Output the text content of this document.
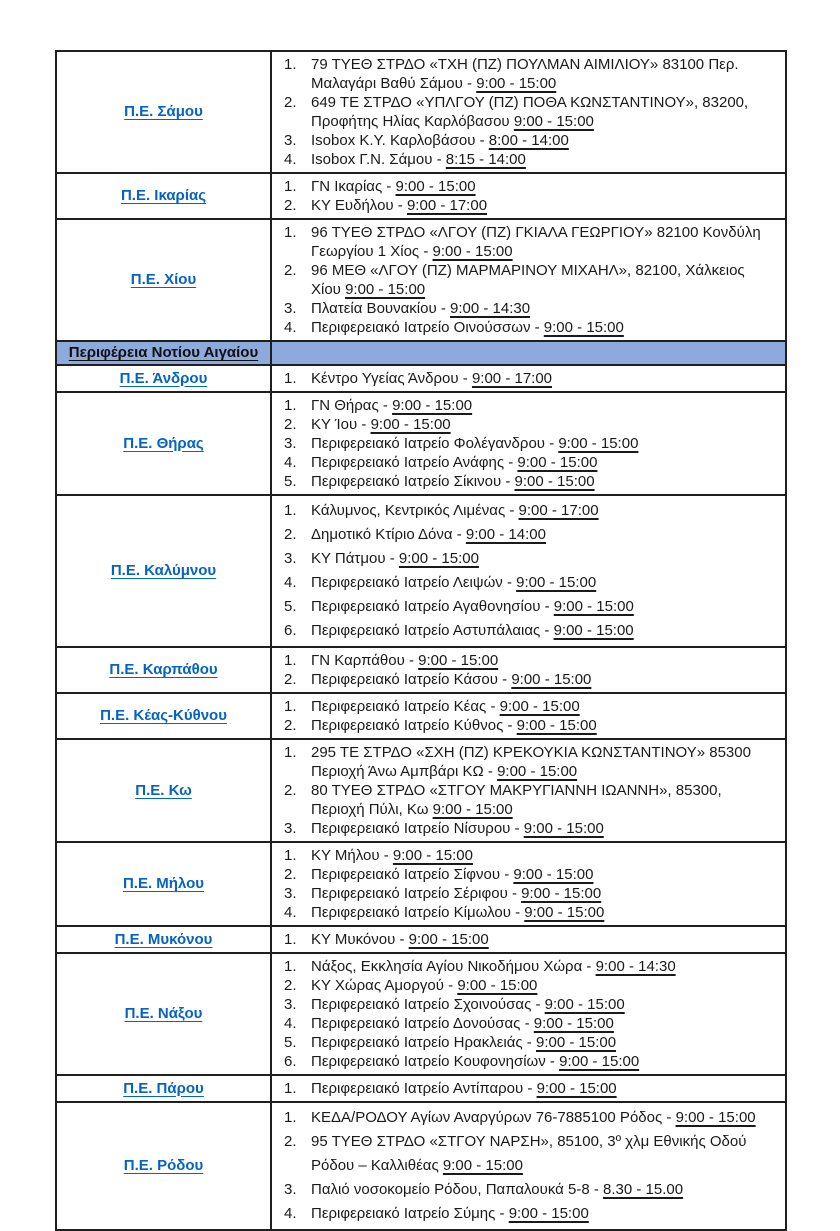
Π.Ε. Σάμου	
1. 79 ΤΥΕΘ ΣΤΡΔΟ «ΤΧΗ (ΠΖ) ΠΟΥΛΜΑΝ ΑΙΜΙΛΙΟΥ» 83100 Περ. Μαλαγάρι Βαθύ Σάμου - 9:00 - 15:00
2. 649 ΤΕ ΣΤΡΔΟ «ΥΠΛΓΟΥ (ΠΖ) ΠΟΘΑ ΚΩΝΣΤΑΝΤΙΝΟΥ», 83200, Προφήτης Ηλίας Καρλόβασου 9:00 - 15:00
3. Isobox Κ.Υ. Καρλοβάσου - 8:00 - 14:00
4. Isobox Γ.Ν. Σάμου - 8:15 - 14:00

Π.Ε. Ικαρίας	1. ΓΝ Ικαρίας - 9:00 - 15:00
2. ΚΥ Ευδήλου - 9:00 - 17:00

Π.Ε. Χίου	
1. 96 ΤΥΕΘ ΣΤΡΔΟ «ΛΓΟΥ (ΠΖ) ΓΚΙΑΛΑ ΓΕΩΡΓΙΟΥ» 82100 Κονδύλη Γεωργίου 1 Χίος - 9:00 - 15:00
2. 96 ΜΕΘ «ΛΓΟΥ (ΠΖ) ΜΑΡΜΑΡΙΝΟΥ ΜΙΧΑΗΛ», 82100, Χάλκειος Χίου 9:00 - 15:00
3. Πλατεία Βουνακίου - 9:00 - 14:30
4. Περιφερειακό Ιατρείο Οινούσσων - 9:00 - 15:00

Περιφέρεια Νοτίου Αιγαίου	
Π.Ε. Άνδρου	1. Κέντρο Υγείας Άνδρου - 9:00 - 17:00

Π.Ε. Θήρας	
1. ΓΝ Θήρας - 9:00 - 15:00
2. ΚΥ Ίου - 9:00 - 15:00
3. Περιφερειακό Ιατρείο Φολέγανδρου - 9:00 - 15:00
4. Περιφερειακό Ιατρείο Ανάφης - 9:00 - 15:00
5. Περιφερειακό Ιατρείο Σίκινου - 9:00 - 15:00

Π.Ε. Καλύμνου	
1. Κάλυμνος, Κεντρικός Λιμένας - 9:00 - 17:00
2. Δημοτικό Κτίριο Δόνα - 9:00 - 14:00
3. ΚΥ Πάτμου - 9:00 - 15:00
4. Περιφερειακό Ιατρείο Λειψών - 9:00 - 15:00
5. Περιφερειακό Ιατρείο Αγαθονησίου - 9:00 - 15:00
6. Περιφερειακό Ιατρείο Αστυπάλαιας - 9:00 - 15:00

Π.Ε. Καρπάθου	1. ΓΝ Καρπάθου - 9:00 - 15:00
2. Περιφερειακό Ιατρείο Κάσου - 9:00 - 15:00

Π.Ε. Κέας-Κύθνου	1. Περιφερειακό Ιατρείο Κέας - 9:00 - 15:00
2. Περιφερειακό Ιατρείο Κύθνος - 9:00 - 15:00

Π.Ε. Κω	
1. 295 ΤΕ ΣΤΡΔΟ «ΣΧΗ (ΠΖ) ΚΡΕΚΟΥΚΙΑ ΚΩΝΣΤΑΝΤΙΝΟΥ» 85300 Περιοχή Άνω Αμπβάρι ΚΩ - 9:00 - 15:00
2. 80 ΤΥΕΘ ΣΤΡΔΟ «ΣΤΓΟΥ ΜΑΚΡΥΓΙΑΝΝΗ ΙΩΑΝΝΗ», 85300, Περιοχή Πύλι, Κω 9:00 - 15:00
3. Περιφερειακό Ιατρείο Νίσυρου - 9:00 - 15:00

Π.Ε. Μήλου	
1. ΚΥ Μήλου - 9:00 - 15:00
2. Περιφερειακό Ιατρείο Σίφνου - 9:00 - 15:00
3. Περιφερειακό Ιατρείο Σέριφου - 9:00 - 15:00
4. Περιφερειακό Ιατρείο Κίμωλου - 9:00 - 15:00

Π.Ε. Μυκόνου	1. ΚΥ Μυκόνου - 9:00 - 15:00

Π.Ε. Νάξου	
1. Νάξος, Εκκλησία Αγίου Νικοδήμου Χώρα - 9:00 - 14:30
2. ΚΥ Χώρας Αμοργού - 9:00 - 15:00
3. Περιφερειακό Ιατρείο Σχοινούσας - 9:00 - 15:00
4. Περιφερειακό Ιατρείο Δονούσας - 9:00 - 15:00
5. Περιφερειακό Ιατρείο Ηρακλειάς - 9:00 - 15:00
6. Περιφερειακό Ιατρείο Κουφονησίων - 9:00 - 15:00

Π.Ε. Πάρου	1. Περιφερειακό Ιατρείο Αντίπαρου - 9:00 - 15:00

Π.Ε. Ρόδου	
1. ΚΕΔΑ/ΡΟΔΟΥ Αγίων Αναργύρων 76-7885100 Ρόδος - 9:00 - 15:00
2. 95 ΤΥΕΘ ΣΤΡΔΟ «ΣΤΓΟΥ ΝΑΡΣΗ», 85100, 3º χλμ Εθνικής Οδού Ρόδου – Καλλιθέας 9:00 - 15:00
3. Παλιό νοσοκομείο Ρόδου, Παπαλουκά 5-8 - 8.30 - 15.00
4. Περιφερειακό Ιατρείο Σύμης - 9:00 - 15:00
